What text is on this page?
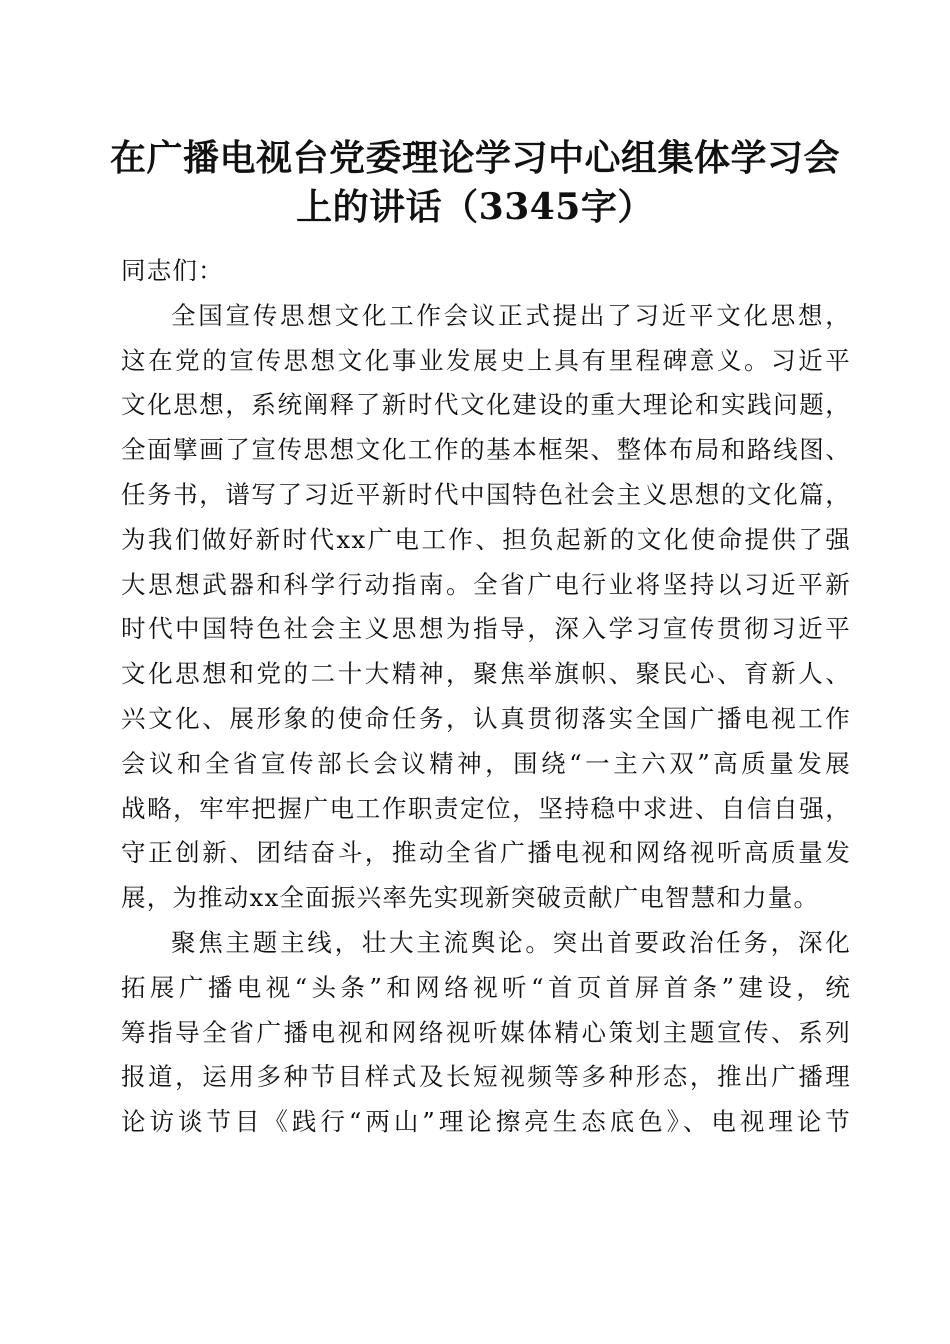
在广播电视台党委理论学习中心组集体学习会
上的讲话（3345字）
同志们：
全国宣传思想文化工作会议正式提出了习近平文化思想，
这在党的宣传思想文化事业发展史上具有里程碑意义。习近平
文化思想，系统阐释了新时代文化建设的重大理论和实践问题，
全面擘画了宣传思想文化工作的基本框架、整体布局和路线图、
任务书，谱写了习近平新时代中国特色社会主义思想的文化篇，
为我们做好新时代xx广电工作、担负起新的文化使命提供了强
大思想武器和科学行动指南。全省广电行业将坚持以习近平新
时代中国特色社会主义思想为指导，深入学习宣传贯彻习近平
文化思想和党的二十大精神，聚焦举旗帜、聚民心、育新人、
兴文化、展形象的使命任务，认真贯彻落实全国广播电视工作
会议和全省宣传部长会议精神，围绕“一主六双”高质量发展
战略，牢牢把握广电工作职责定位，坚持稳中求进、自信自强，
守正创新、团结奋斗，推动全省广播电视和网络视听高质量发
展，为推动xx全面振兴率先实现新突破贡献广电智慧和力量。
聚焦主题主线，壮大主流舆论。突出首要政治任务，深化
拓展广播电视“头条”和网络视听“首页首屏首条”建设，统
筹指导全省广播电视和网络视听媒体精心策划主题宣传、系列
报道，运用多种节目样式及长短视频等多种形态，推出广播理
论访谈节目《践行“两山”理论擦亮生态底色》、电视理论节
